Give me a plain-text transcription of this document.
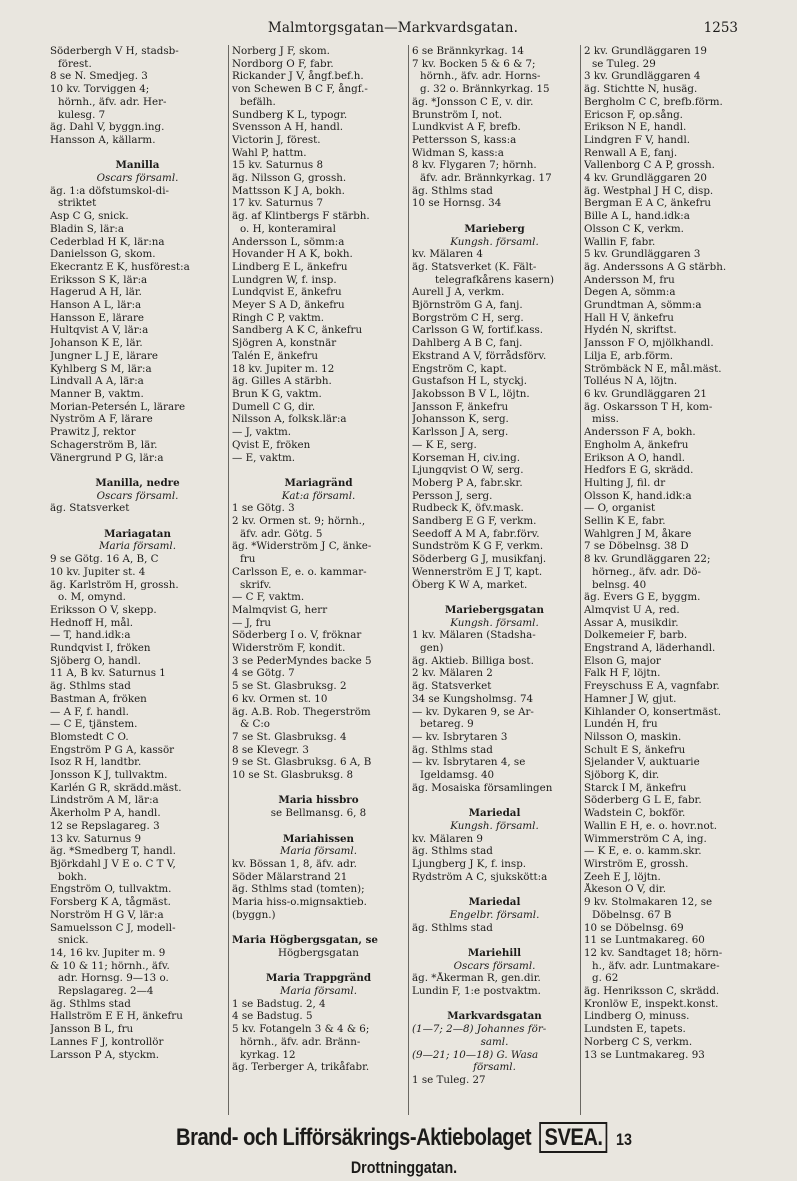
Malmtorgsgatan—Markvardsgatan.	1253
Söderbergh V H, stadsb-
förest.
8 se N. Smedjeg. 3
10 kv. Torviggen 4;
hörnh., äfv. adr. Her-
kulesg. 7
äg. Dahl V, byggn.ing.
Hansson A, källarm.

Manilla
Oscars församl.
äg. 1:a döfstumskol-di-
striktet
Asp C G, snick.
Bladin S, lär:a
Cederblad H K, lär:na
Danielsson G, skom.
Ekecrantz E K, husförest:a
Eriksson S K, lär:a
Hagerud A H, lär.
Hanson A L, lär:a
Hansson E, lärare
Hultqvist A V, lär:a
Johanson K E, lär.
Jungner L J E, lärare
Kyhlberg S M, lär:a
Lindvall A A, lär:a
Manner B, vaktm.
Morian-Petersén L, lärare
Nyström A F, lärare
Prawitz J, rektor
Schagerström B, lär.
Vänergrund P G, lär:a

Manilla, nedre
Oscars församl.
äg. Statsverket

Mariagatan
Maria församl.
9 se Götg. 16 A, B, C
10 kv. Jupiter st. 4
äg. Karlström H, grossh.
o. M, omynd.
Eriksson O V, skepp.
Hednoff H, mål.
— T, hand.idk:a
Rundqvist I, fröken
Sjöberg O, handl.
11 A, B kv. Saturnus 1
äg. Sthlms stad
Bastman A, fröken
— A F, f. handl.
— C E, tjänstem.
Blomstedt C O.
Engström P G A, kassör
Isoz R H, landtbr.
Jonsson K J, tullvaktm.
Karlén G R, skrädd.mäst.
Lindström A M, lär:a
Åkerholm P A, handl.
12 se Repslagareg. 3
13 kv. Saturnus 9
äg. *Smedberg T, handl.
Björkdahl J V E o. C T V,
bokh.
Engström O, tullvaktm.
Forsberg K A, tågmäst.
Norström H G V, lär:a
Samuelsson C J, modell-
snick.
14, 16 kv. Jupiter m. 9
& 10 & 11; hörnh., äfv.
adr. Hornsg. 9—13 o.
Repslagareg. 2—4
äg. Sthlms stad
Hallström E E H, änkefru
Jansson B L, fru
Lannes F J, kontrollör
Larsson P A, styckm.
Norberg J F, skom.
Nordborg O F, fabr.
Rickander J V, ångf.bef.h.
von Schewen B C F, ångf.-
befälh.
Sundberg K L, typogr.
Svensson A H, handl.
Victorin J, förest.
Wahl P, hattm.
15 kv. Saturnus 8
äg. Nilsson G, grossh.
Mattsson K J A, bokh.
17 kv. Saturnus 7
äg. af Klintbergs F stärbh.
o. H, konteramiral
Andersson L, sömm:a
Hovander H A K, bokh.
Lindberg E L, änkefru
Lundgren W, f. insp.
Lundqvist E, änkefru
Meyer S A D, änkefru
Ringh C P, vaktm.
Sandberg A K C, änkefru
Sjögren A, konstnär
Talén E, änkefru
18 kv. Jupiter m. 12
äg. Gilles A stärbh.
Brun K G, vaktm.
Dumell C G, dir.
Nilsson A, folksk.lär:a
— J, vaktm.
Qvist E, fröken
— E, vaktm.

Mariagränd
Kat:a församl.
1 se Götg. 3
2 kv. Ormen st. 9; hörnh.,
äfv. adr. Götg. 5
äg. *Widerström J C, änke-
fru
Carlsson E, e. o. kammar-
skrifv.
— C F, vaktm.
Malmqvist G, herr
— J, fru
Söderberg I o. V, fröknar
Widerström F, kondit.
3 se PederMyndes backe 5
4 se Götg. 7
5 se St. Glasbruksg. 2
6 kv. Ormen st. 10
äg. A.B. Rob. Thegerström
& C:o
7 se St. Glasbruksg. 4
8 se Klevegr. 3
9 se St. Glasbruksg. 6 A, B
10 se St. Glasbruksg. 8

Maria hissbro
se Bellmansg. 6, 8

Mariahissen
Maria församl.
kv. Bössan 1, 8, äfv. adr.
Söder Mälarstrand 21
äg. Sthlms stad (tomten);
Maria hiss-o.mignsaktieb.
(byggn.)

Maria Högbergsgatan, se
Högbergsgatan

Maria Trappgränd
Maria församl.
1 se Badstug. 2, 4
4 se Badstug. 5
5 kv. Fotangeln 3 & 4 & 6;
hörnh., äfv. adr. Bränn-
kyrkag. 12
äg. Terberger A, trikåfabr.
6 se Brännkyrkag. 14
7 kv. Bocken 5 & 6 & 7;
hörnh., äfv. adr. Horns-
g. 32 o. Brännkyrkag. 15
äg. *Jonsson C E, v. dir.
Brunström I, not.
Lundkvist A F, brefb.
Pettersson S, kass:a
Widman S, kass:a
8 kv. Flygaren 7; hörnh.
äfv. adr. Brännkyrkag. 17
äg. Sthlms stad
10 se Hornsg. 34

Marieberg
Kungsh. församl.
kv. Mälaren 4
äg. Statsverket (K. Fält-
telegrafkårens kasern)
Aurell J A, verkm.
Björnström G A, fanj.
Borgström C H, serg.
Carlsson G W, fortif.kass.
Dahlberg A B C, fanj.
Ekstrand A V, förrådsförv.
Engström C, kapt.
Gustafson H L, styckj.
Jakobsson B V L, löjtn.
Jansson F, änkefru
Johansson K, serg.
Karlsson J A, serg.
— K E, serg.
Korseman H, civ.ing.
Ljungqvist O W, serg.
Moberg P A, fabr.skr.
Persson J, serg.
Rudbeck K, öfv.mask.
Sandberg E G F, verkm.
Seedoff A M A, fabr.förv.
Sundström K G F, verkm.
Söderberg G J, musikfanj.
Wennerström E J T, kapt.
Öberg K W A, market.

Mariebergsgatan
Kungsh. församl.
1 kv. Mälaren (Stadsha-
gen)
äg. Aktieb. Billiga bost.
2 kv. Mälaren 2
äg. Statsverket
34 se Kungsholmsg. 74
— kv. Dykaren 9, se Ar-
betareg. 9
— kv. Isbrytaren 3
äg. Sthlms stad
— kv. Isbrytaren 4, se
Igeldamsg. 40
äg. Mosaiska församlingen

Mariedal
Kungsh. församl.
kv. Mälaren 9
äg. Sthlms stad
Ljungberg J K, f. insp.
Rydström A C, sjukskött:a

Mariedal
Engelbr. församl.
äg. Sthlms stad

Mariehill
Oscars församl.
äg. *Åkerman R, gen.dir.
Lundin F, 1:e postvaktm.

Markvardsgatan
(1—7; 2—8) Johannes för-
saml.
(9—21; 10—18) G. Wasa
församl.
1 se Tuleg. 27
2 kv. Grundläggaren 19
se Tuleg. 29
3 kv. Grundläggaren 4
äg. Stichtte N, husäg.
Bergholm C C, brefb.förm.
Ericson F, op.sång.
Erikson N E, handl.
Lindgren F V, handl.
Renwall A E, fanj.
Vallenborg C A P, grossh.
4 kv. Grundläggaren 20
äg. Westphal J H C, disp.
Bergman E A C, änkefru
Bille A L, hand.idk:a
Olsson C K, verkm.
Wallin F, fabr.
5 kv. Grundläggaren 3
äg. Anderssons A G stärbh.
Andersson M, fru
Degen A, sömm:a
Grundtman A, sömm:a
Hall H V, änkefru
Hydén N, skriftst.
Jansson F O, mjölkhandl.
Lilja E, arb.förm.
Strömbäck N E, mål.mäst.
Tolléus N A, löjtn.
6 kv. Grundläggaren 21
äg. Oskarsson T H, kom-
miss.
Andersson F A, bokh.
Engholm A, änkefru
Erikson A O, handl.
Hedfors E G, skrädd.
Hulting J, fil. dr
Olsson K, hand.idk:a
— O, organist
Sellin K E, fabr.
Wahlgren J M, åkare
7 se Döbelnsg. 38 D
8 kv. Grundläggaren 22;
hörneg., äfv. adr. Dö-
belnsg. 40
äg. Evers G E, byggm.
Almqvist U A, red.
Assar A, musikdir.
Dolkemeier F, barb.
Engstrand A, läderhandl.
Elson G, major
Falk H F, löjtn.
Freyschuss E A, vagnfabr.
Hamner J W, gjut.
Kihlander O, konsertmäst.
Lundén H, fru
Nilsson O, maskin.
Schult E S, änkefru
Sjelander V, auktuarie
Sjöborg K, dir.
Starck I M, änkefru
Söderberg G L E, fabr.
Wadstein C, bokför.
Wallin E H, e. o. hovr.not.
Wimmerström C A, ing.
— K E, e. o. kamm.skr.
Wirström E, grossh.
Zeeh E J, löjtn.
Åkeson O V, dir.
9 kv. Stolmakaren 12, se
Döbelnsg. 67 B
10 se Döbelnsg. 69
11 se Luntmakareg. 60
12 kv. Sandtaget 18; hörn-
h., äfv. adr. Luntmakare-
g. 62
äg. Henriksson C, skrädd.
Kronlöw E, inspekt.konst.
Lindberg O, minuss.
Lundsten E, tapets.
Norberg C S, verkm.
13 se Luntmakareg. 93
Brand- och Lifförsäkrings-Aktiebolaget SVEA. 13 Drottninggatan.
